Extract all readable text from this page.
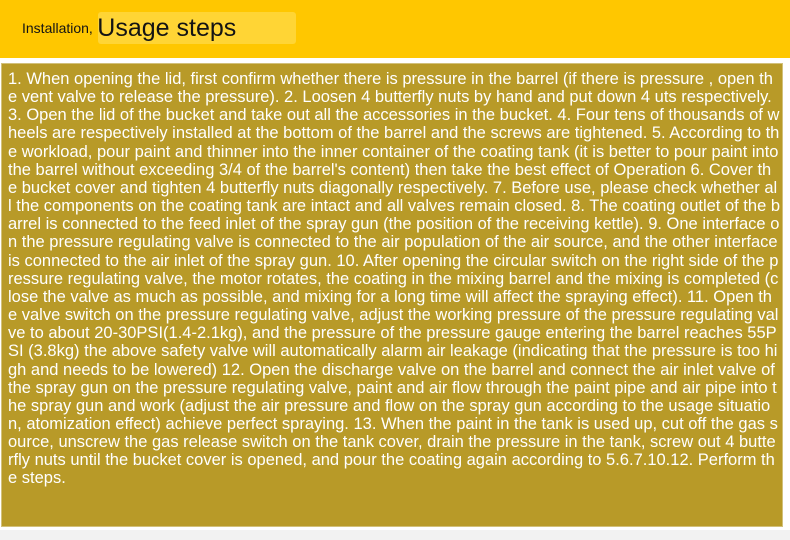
Installation, Usage steps

1. When opening the lid, first confirm whether there is pressure in the barrel (if there is pressure , open the vent valve to release the pressure). 2. Loosen 4 butterfly nuts by hand and put down 4 uts respectively. 3. Open the lid of the bucket and take out all the accessories in the bucket. 4. Four tens of thousands of wheels are respectively installed at the bottom of the barrel and the screws are tightened. 5. According to the workload, pour paint and thinner into the inner container of the coating tank (it is better to pour paint into the barrel without exceeding 3/4 of the barrel's content) then take the best effect of Operation 6. Cover the bucket cover and tighten 4 butterfly nuts diagonally respectively. 7. Before use, please check whether all the components on the coating tank are intact and all valves remain closed. 8. The coating outlet of the barrel is connected to the feed inlet of the spray gun (the position of the receiving kettle). 9. One interface on the pressure regulating valve is connected to the air population of the air source, and the other interface is connected to the air inlet of the spray gun. 10. After opening the circular switch on the right side of the pressure regulating valve, the motor rotates, the coating in the mixing barrel and the mixing is completed (close the valve as much as possible, and mixing for a long time will affect the spraying effect). 11. Open the valve switch on the pressure regulating valve, adjust the working pressure of the pressure regulating valve to about 20-30PSI(1.4-2.1kg), and the pressure of the pressure gauge entering the barrel reaches 55PSI (3.8kg) the above safety valve will automatically alarm air leakage (indicating that the pressure is too high and needs to be lowered) 12. Open the discharge valve on the barrel and connect the air inlet valve of the spray gun on the pressure regulating valve, paint and air flow through the paint pipe and air pipe into the spray gun and work (adjust the air pressure and flow on the spray gun according to the usage situation, atomization effect) achieve perfect spraying. 13. When the paint in the tank is used up, cut off the gas source, unscrew the gas release switch on the tank cover, drain the pressure in the tank, screw out 4 butterfly nuts until the bucket cover is opened, and pour the coating again according to 5.6.7.10.12. Perform the steps.
